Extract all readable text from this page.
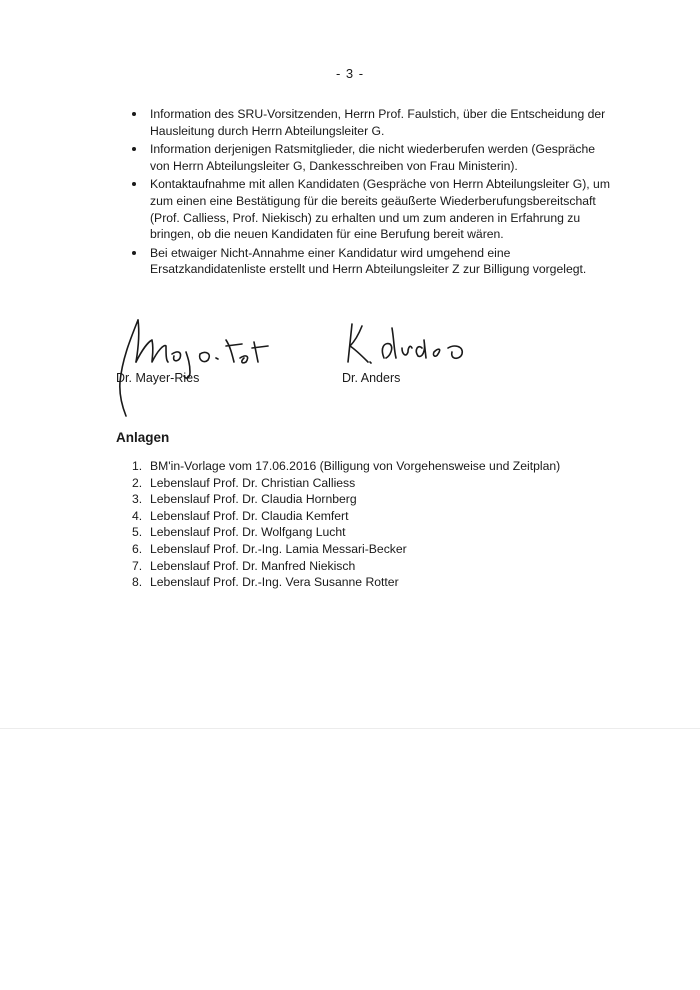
- 3 -
Information des SRU-Vorsitzenden, Herrn Prof. Faulstich, über die Entscheidung der Hausleitung durch Herrn Abteilungsleiter G.
Information derjenigen Ratsmitglieder, die nicht wiederberufen werden (Gespräche von Herrn Abteilungsleiter G, Dankesschreiben von Frau Ministerin).
Kontaktaufnahme mit allen Kandidaten (Gespräche von Herrn Abteilungsleiter G), um zum einen eine Bestätigung für die bereits geäußerte Wiederberufungsbereitschaft (Prof. Calliess, Prof. Niekisch) zu erhalten und um zum anderen in Erfahrung zu bringen, ob die neuen Kandidaten für eine Berufung bereit wären.
Bei etwaiger Nicht-Annahme einer Kandidatur wird umgehend eine Ersatzkandidatenliste erstellt und Herrn Abteilungsleiter Z zur Billigung vorgelegt.
Dr. Mayer-Ries	Dr. Anders
Anlagen
1. BM'in-Vorlage vom 17.06.2016 (Billigung von Vorgehensweise und Zeitplan)
2. Lebenslauf Prof. Dr. Christian Calliess
3. Lebenslauf Prof. Dr. Claudia Hornberg
4. Lebenslauf Prof. Dr. Claudia Kemfert
5. Lebenslauf Prof. Dr. Wolfgang Lucht
6. Lebenslauf Prof. Dr.-Ing. Lamia Messari-Becker
7. Lebenslauf Prof. Dr. Manfred Niekisch
8. Lebenslauf Prof. Dr.-Ing. Vera Susanne Rotter
